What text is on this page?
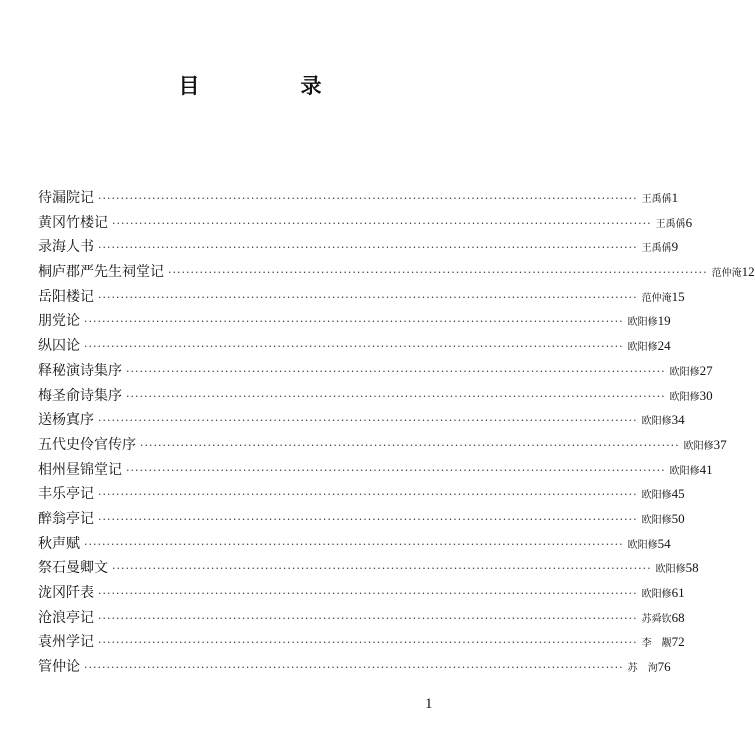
目　录
待漏院记 ························································································································ 王禹偁 1
黄冈竹楼记 ························································································································ 王禹偁 6
录海人书 ························································································································ 王禹偁 9
桐庐郡严先生祠堂记 ························································································································ 范仲淹 12
岳阳楼记 ························································································································ 范仲淹 15
朋党论 ························································································································ 欧阳修 19
纵囚论 ························································································································ 欧阳修 24
释秘演诗集序 ························································································································ 欧阳修 27
梅圣俞诗集序 ························································································································ 欧阳修 30
送杨寘序 ························································································································ 欧阳修 34
五代史伶官传序 ························································································································ 欧阳修 37
相州昼锦堂记 ························································································································ 欧阳修 41
丰乐亭记 ························································································································ 欧阳修 45
醉翁亭记 ························································································································ 欧阳修 50
秋声赋 ························································································································ 欧阳修 54
祭石曼卿文 ························································································································ 欧阳修 58
泷冈阡表 ························································································································ 欧阳修 61
沧浪亭记 ························································································································ 苏舜钦 68
袁州学记 ························································································································ 李　觏 72
管仲论 ························································································································ 苏　洵 76
1
